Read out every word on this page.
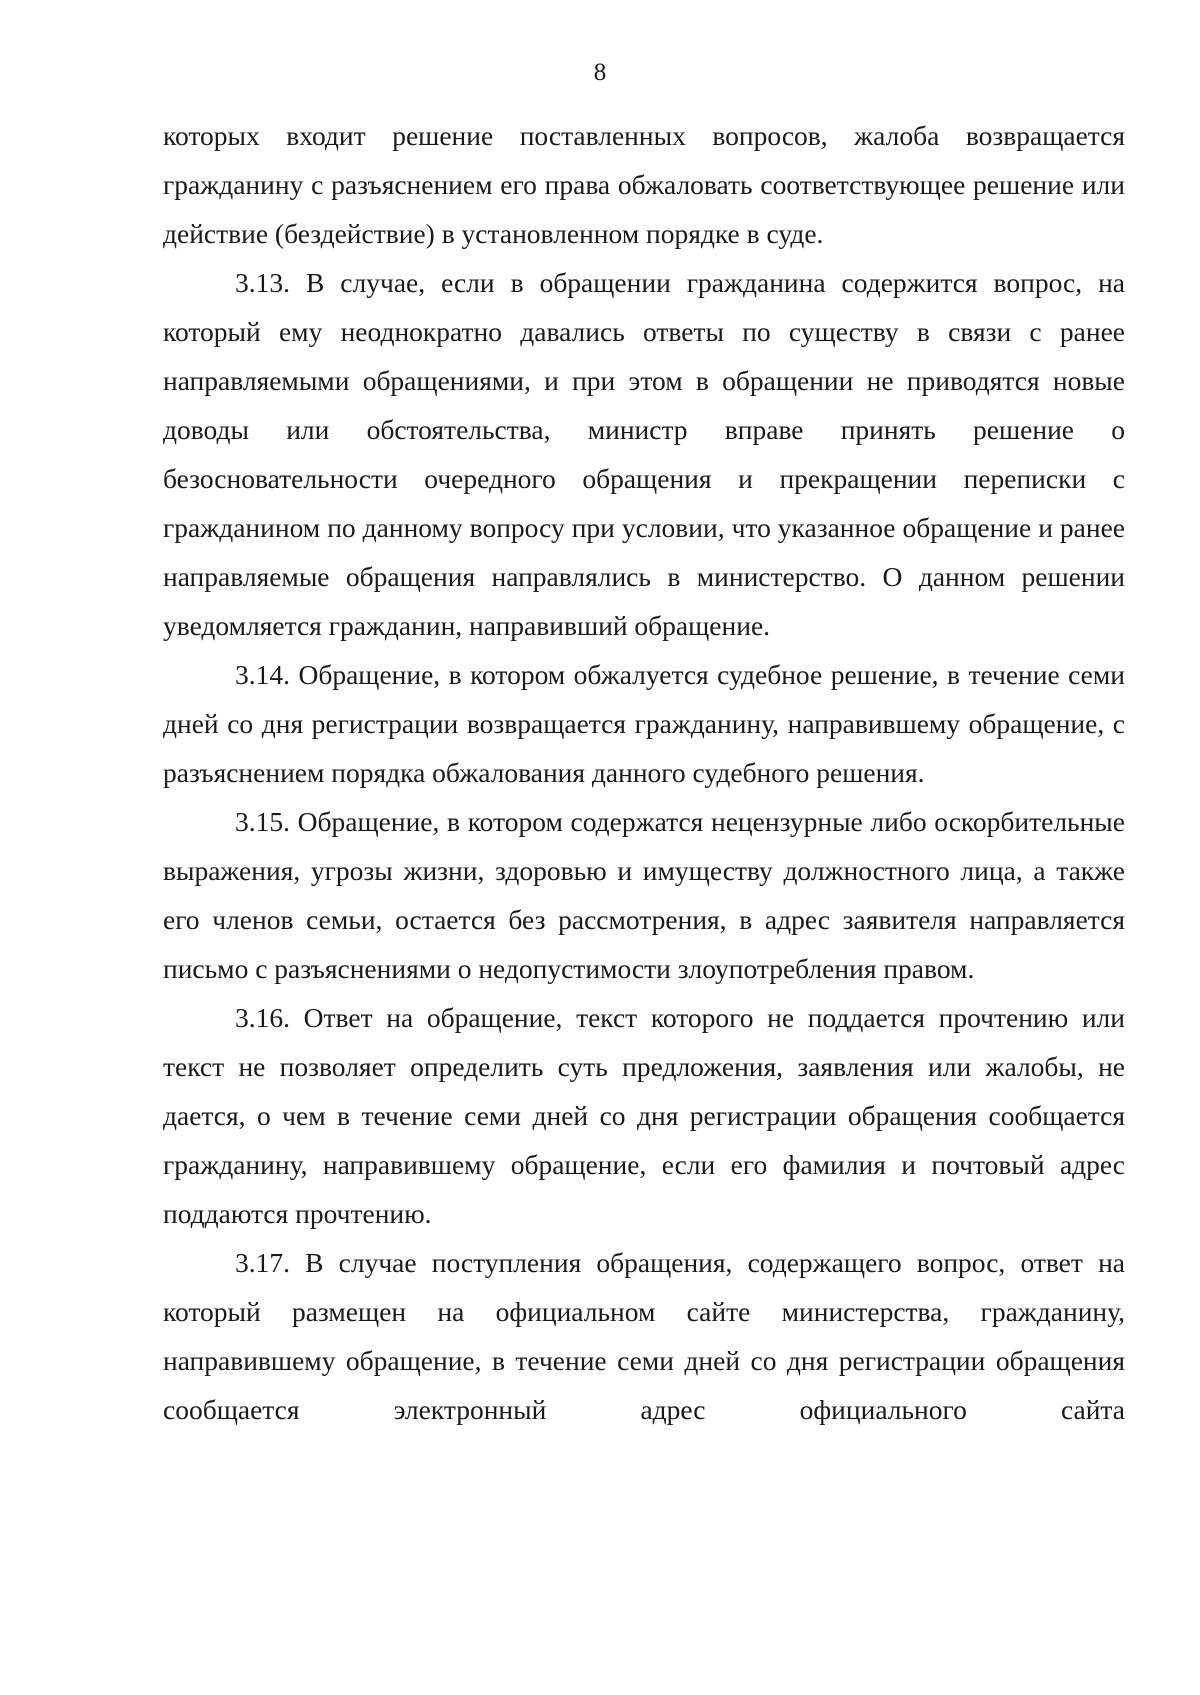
8

которых входит решение поставленных вопросов, жалоба возвращается гражданину с разъяснением его права обжаловать соответствующее решение или действие (бездействие) в установленном порядке в суде.

3.13. В случае, если в обращении гражданина содержится вопрос, на который ему неоднократно давались ответы по существу в связи с ранее направляемыми обращениями, и при этом в обращении не приводятся новые доводы или обстоятельства, министр вправе принять решение о безосновательности очередного обращения и прекращении переписки с гражданином по данному вопросу при условии, что указанное обращение и ранее направляемые обращения направлялись в министерство. О данном решении уведомляется гражданин, направивший обращение.

3.14. Обращение, в котором обжалуется судебное решение, в течение семи дней со дня регистрации возвращается гражданину, направившему обращение, с разъяснением порядка обжалования данного судебного решения.

3.15. Обращение, в котором содержатся нецензурные либо оскорбительные выражения, угрозы жизни, здоровью и имуществу должностного лица, а также его членов семьи, остается без рассмотрения, в адрес заявителя направляется письмо с разъяснениями о недопустимости злоупотребления правом.

3.16. Ответ на обращение, текст которого не поддается прочтению или текст не позволяет определить суть предложения, заявления или жалобы, не дается, о чем в течение семи дней со дня регистрации обращения сообщается гражданину, направившему обращение, если его фамилия и почтовый адрес поддаются прочтению.

3.17. В случае поступления обращения, содержащего вопрос, ответ на который размещен на официальном сайте министерства, гражданину, направившему обращение, в течение семи дней со дня регистрации обращения сообщается электронный адрес официального сайта
